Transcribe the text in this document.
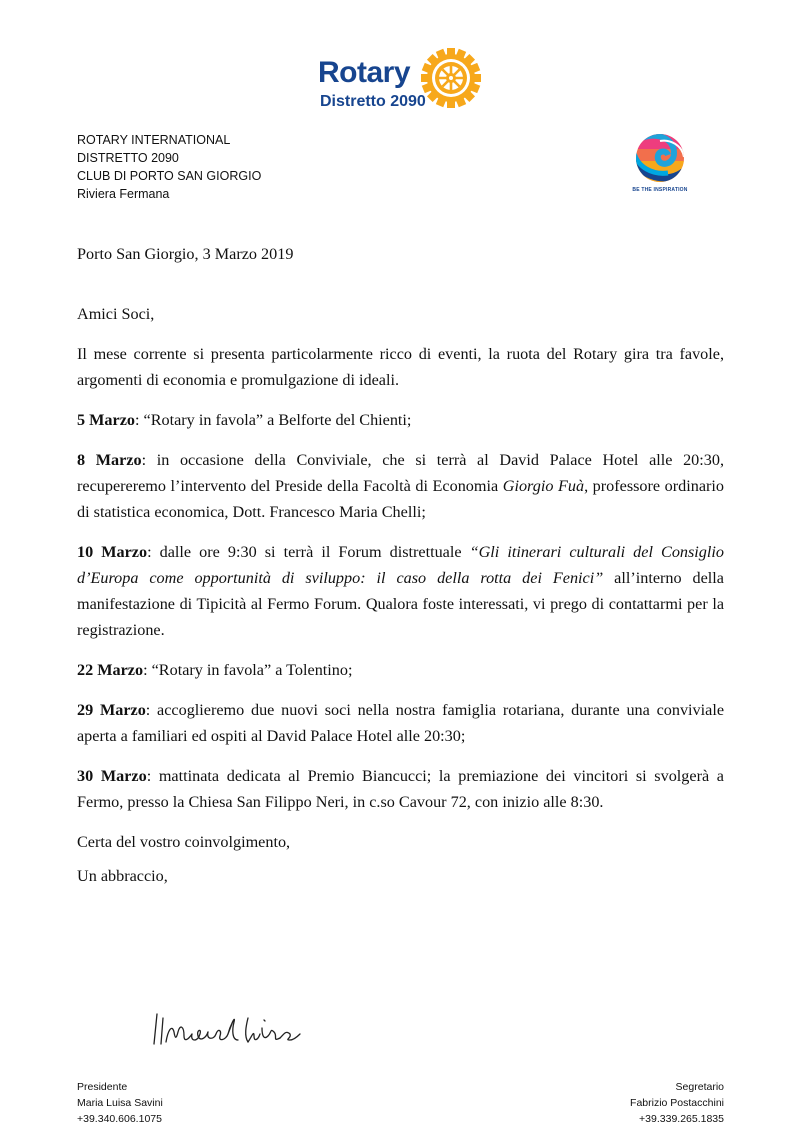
Rotary
Distretto 2090
ROTARY INTERNATIONAL
DISTRETTO 2090
CLUB DI PORTO SAN GIORGIO
Riviera Fermana	BE THE INSPIRATION

Porto San Giorgio, 3 Marzo 2019

Amici Soci,

Il mese corrente si presenta particolarmente ricco di eventi, la ruota del Rotary gira tra favole, argomenti di economia e promulgazione di ideali.

5 Marzo: “Rotary in favola” a Belforte del Chienti;

8 Marzo: in occasione della Conviviale, che si terrà al David Palace Hotel alle 20:30, recupereremo l’intervento del Preside della Facoltà di Economia Giorgio Fuà, professore ordinario di statistica economica, Dott. Francesco Maria Chelli;

10 Marzo: dalle ore 9:30 si terrà il Forum distrettuale “Gli itinerari culturali del Consiglio d’Europa come opportunità di sviluppo: il caso della rotta dei Fenici” all’interno della manifestazione di Tipicità al Fermo Forum. Qualora foste interessati, vi prego di contattarmi per la registrazione.

22 Marzo: “Rotary in favola” a Tolentino;

29 Marzo: accoglieremo due nuovi soci nella nostra famiglia rotariana, durante una conviviale aperta a familiari ed ospiti al David Palace Hotel alle 20:30;

30 Marzo: mattinata dedicata al Premio Biancucci; la premiazione dei vincitori si svolgerà a Fermo, presso la Chiesa San Filippo Neri, in c.so Cavour 72, con inizio alle 8:30.

Certa del vostro coinvolgimento,

Un abbraccio,

Presidente
Maria Luisa Savini
+39.340.606.1075
Segretario
Fabrizio Postacchini
+39.339.265.1835
